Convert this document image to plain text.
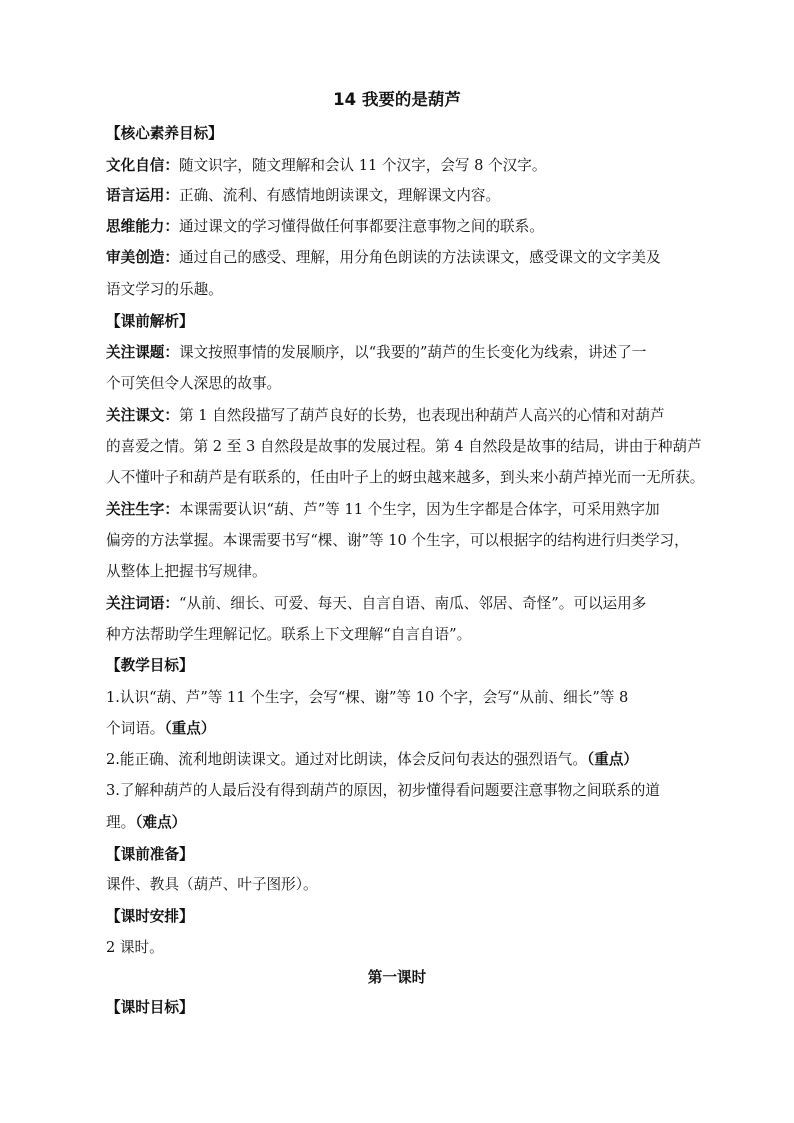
14 我要的是葫芦
【核心素养目标】
文化自信：随文识字，随文理解和会认 11 个汉字，会写 8 个汉字。
语言运用：正确、流利、有感情地朗读课文，理解课文内容。
思维能力：通过课文的学习懂得做任何事都要注意事物之间的联系。
审美创造：通过自己的感受、理解，用分角色朗读的方法读课文，感受课文的文字美及
语文学习的乐趣。
【课前解析】
关注课题：课文按照事情的发展顺序，以“我要的”葫芦的生长变化为线索，讲述了一
个可笑但令人深思的故事。
关注课文：第 1 自然段描写了葫芦良好的长势，也表现出种葫芦人高兴的心情和对葫芦
的喜爱之情。第 2 至 3 自然段是故事的发展过程。第 4 自然段是故事的结局，讲由于种葫芦
人不懂叶子和葫芦是有联系的，任由叶子上的蚜虫越来越多，到头来小葫芦掉光而一无所获。
关注生字：本课需要认识“葫、芦”等 11 个生字，因为生字都是合体字，可采用熟字加
偏旁的方法掌握。本课需要书写“棵、谢”等 10 个生字，可以根据字的结构进行归类学习，
从整体上把握书写规律。
关注词语：“从前、细长、可爱、每天、自言自语、南瓜、邻居、奇怪”。可以运用多
种方法帮助学生理解记忆。联系上下文理解“自言自语”。
【教学目标】
1.认识“葫、芦”等 11 个生字，会写“棵、谢”等 10 个字，会写“从前、细长”等 8
个词语。（重点）
2.能正确、流利地朗读课文。通过对比朗读，体会反问句表达的强烈语气。（重点）
3.了解种葫芦的人最后没有得到葫芦的原因，初步懂得看问题要注意事物之间联系的道
理。（难点）
【课前准备】
课件、教具（葫芦、叶子图形）。
【课时安排】
2 课时。
第一课时
【课时目标】
